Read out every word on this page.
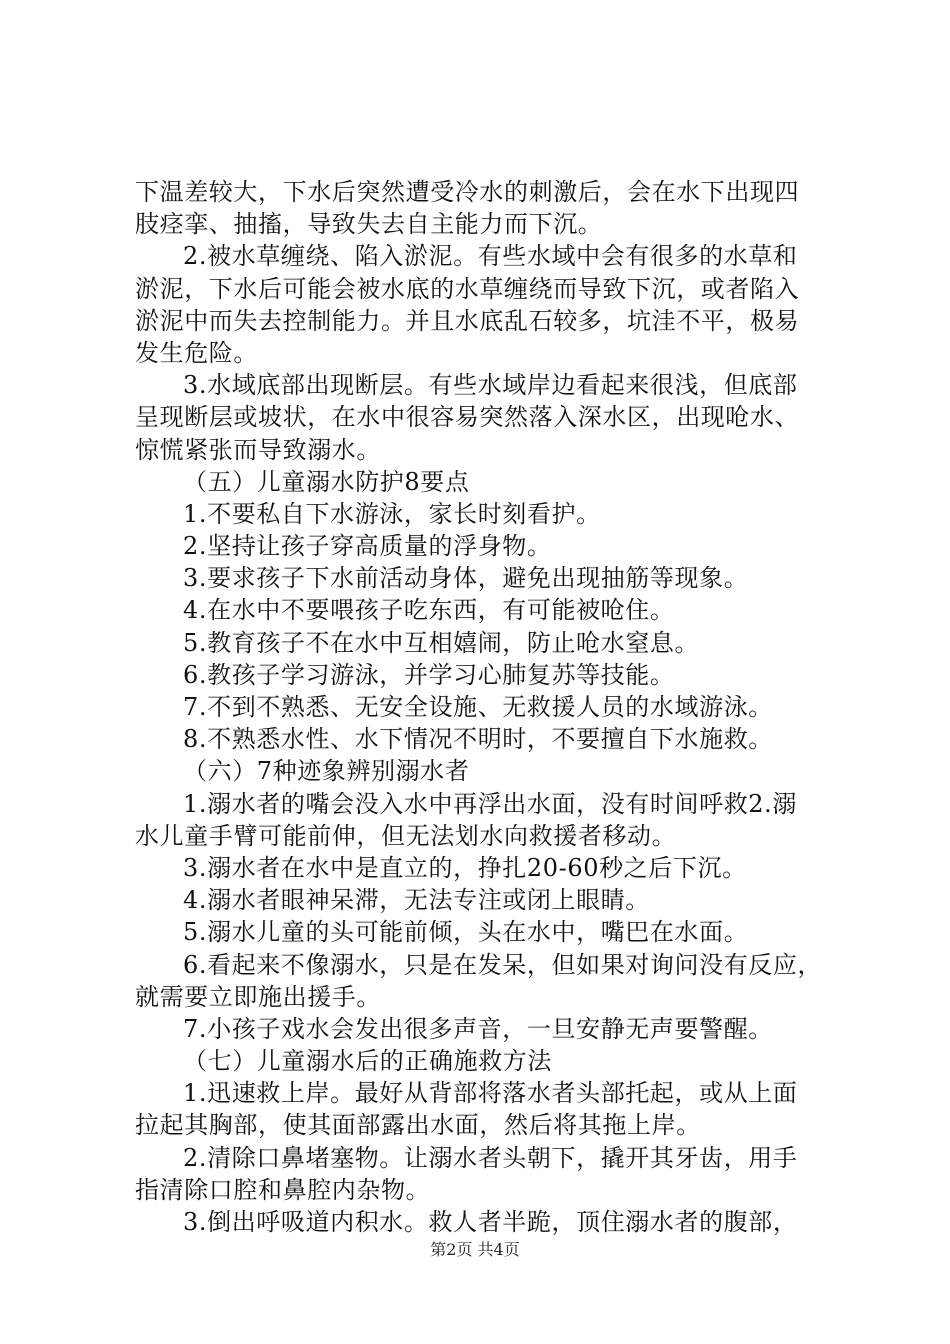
下温差较大，下水后突然遭受冷水的刺激后，会在水下出现四
肢痉挛、抽搐，导致失去自主能力而下沉。
2.被水草缠绕、陷入淤泥。有些水域中会有很多的水草和
淤泥，下水后可能会被水底的水草缠绕而导致下沉，或者陷入
淤泥中而失去控制能力。并且水底乱石较多，坑洼不平，极易
发生危险。
3.水域底部出现断层。有些水域岸边看起来很浅，但底部
呈现断层或坡状，在水中很容易突然落入深水区，出现呛水、
惊慌紧张而导致溺水。
（五）儿童溺水防护8要点
1.不要私自下水游泳，家长时刻看护。
2.坚持让孩子穿高质量的浮身物。
3.要求孩子下水前活动身体，避免出现抽筋等现象。
4.在水中不要喂孩子吃东西，有可能被呛住。
5.教育孩子不在水中互相嬉闹，防止呛水窒息。
6.教孩子学习游泳，并学习心肺复苏等技能。
7.不到不熟悉、无安全设施、无救援人员的水域游泳。
8.不熟悉水性、水下情况不明时，不要擅自下水施救。
（六）7种迹象辨别溺水者
1.溺水者的嘴会没入水中再浮出水面，没有时间呼救2.溺
水儿童手臂可能前伸，但无法划水向救援者移动。
3.溺水者在水中是直立的，挣扎20-60秒之后下沉。
4.溺水者眼神呆滞，无法专注或闭上眼睛。
5.溺水儿童的头可能前倾，头在水中，嘴巴在水面。
6.看起来不像溺水，只是在发呆，但如果对询问没有反应，
就需要立即施出援手。
7.小孩子戏水会发出很多声音，一旦安静无声要警醒。
（七）儿童溺水后的正确施救方法
1.迅速救上岸。最好从背部将落水者头部托起，或从上面
拉起其胸部，使其面部露出水面，然后将其拖上岸。
2.清除口鼻堵塞物。让溺水者头朝下，撬开其牙齿，用手
指清除口腔和鼻腔内杂物。
3.倒出呼吸道内积水。救人者半跪，顶住溺水者的腹部，
第2页 共4页
